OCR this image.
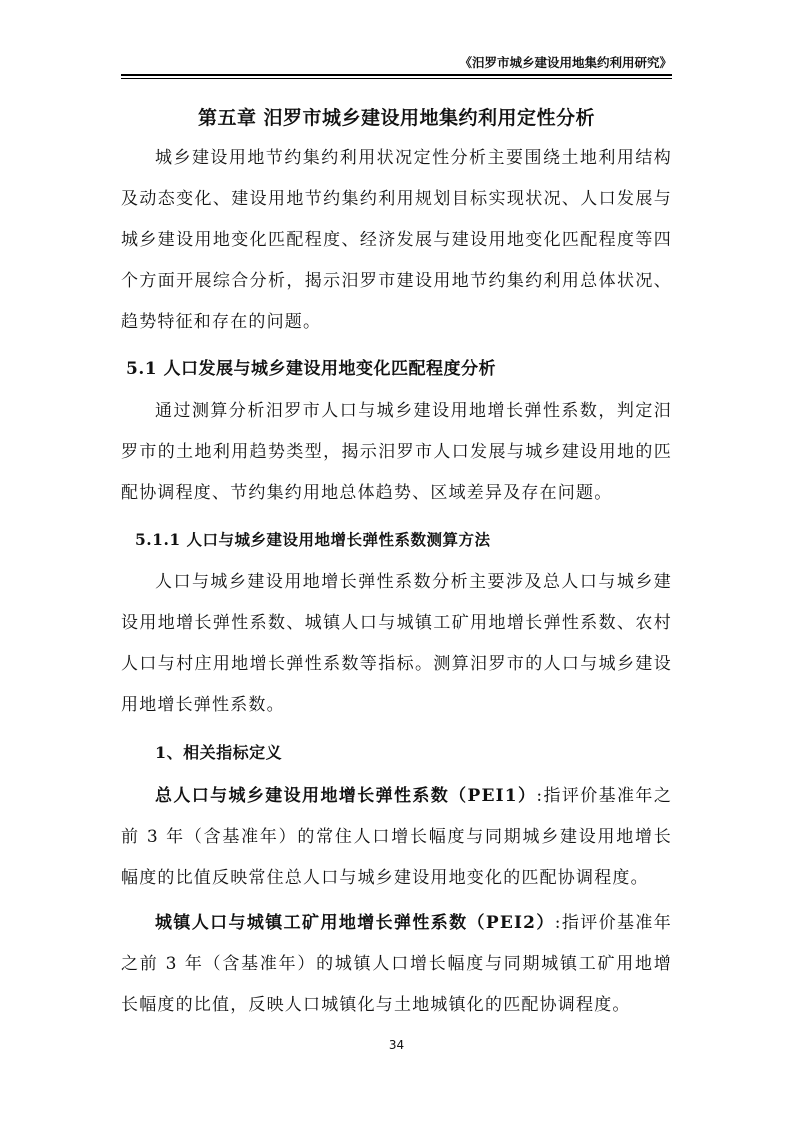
《汨罗市城乡建设用地集约利用研究》
第五章 汨罗市城乡建设用地集约利用定性分析

城乡建设用地节约集约利用状况定性分析主要围绕土地利用结构及动态变化、建设用地节约集约利用规划目标实现状况、人口发展与城乡建设用地变化匹配程度、经济发展与建设用地变化匹配程度等四个方面开展综合分析，揭示汨罗市建设用地节约集约利用总体状况、趋势特征和存在的问题。

5.1 人口发展与城乡建设用地变化匹配程度分析

通过测算分析汨罗市人口与城乡建设用地增长弹性系数，判定汨罗市的土地利用趋势类型，揭示汨罗市人口发展与城乡建设用地的匹配协调程度、节约集约用地总体趋势、区域差异及存在问题。

5.1.1 人口与城乡建设用地增长弹性系数测算方法

人口与城乡建设用地增长弹性系数分析主要涉及总人口与城乡建设用地增长弹性系数、城镇人口与城镇工矿用地增长弹性系数、农村人口与村庄用地增长弹性系数等指标。测算汨罗市的人口与城乡建设用地增长弹性系数。

1、相关指标定义

总人口与城乡建设用地增长弹性系数（PEI1）:指评价基准年之前 3 年（含基准年）的常住人口增长幅度与同期城乡建设用地增长幅度的比值反映常住总人口与城乡建设用地变化的匹配协调程度。

城镇人口与城镇工矿用地增长弹性系数（PEI2）:指评价基准年之前 3 年（含基准年）的城镇人口增长幅度与同期城镇工矿用地增长幅度的比值，反映人口城镇化与土地城镇化的匹配协调程度。

34
